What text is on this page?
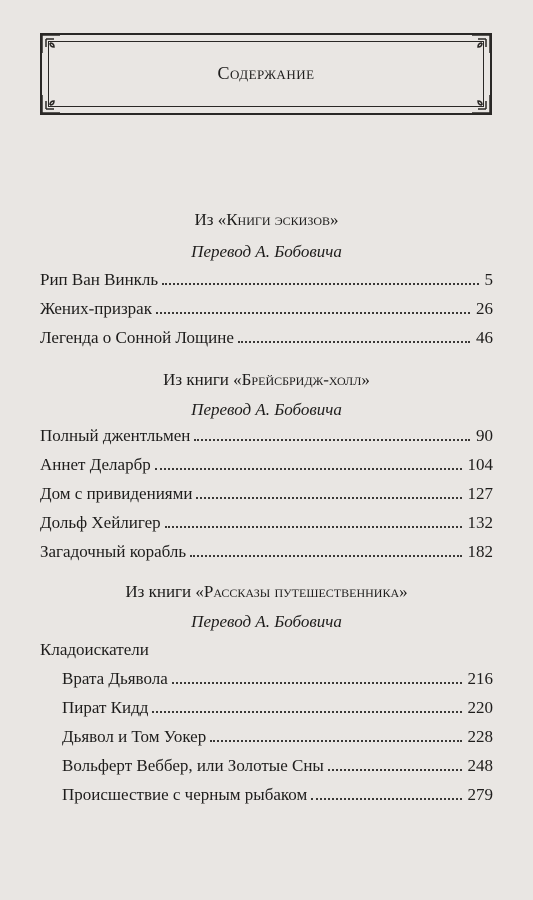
Содержание
Из «Книги эскизов»
Перевод А. Бобовича
Рип Ван Винкль	5
Жених-призрак	26
Легенда о Сонной Лощине	46
Из книги «Брейсбридж-холл»
Перевод А. Бобовича
Полный джентльмен	90
Аннет Деларбр	104
Дом с привидениями	127
Дольф Хейлигер	132
Загадочный корабль	182
Из книги «Рассказы путешественника»
Перевод А. Бобовича
Кладоискатели
Врата Дьявола	216
Пират Кидд	220
Дьявол и Том Уокер	228
Вольферт Веббер, или Золотые Сны	248
Происшествие с черным рыбаком	279
